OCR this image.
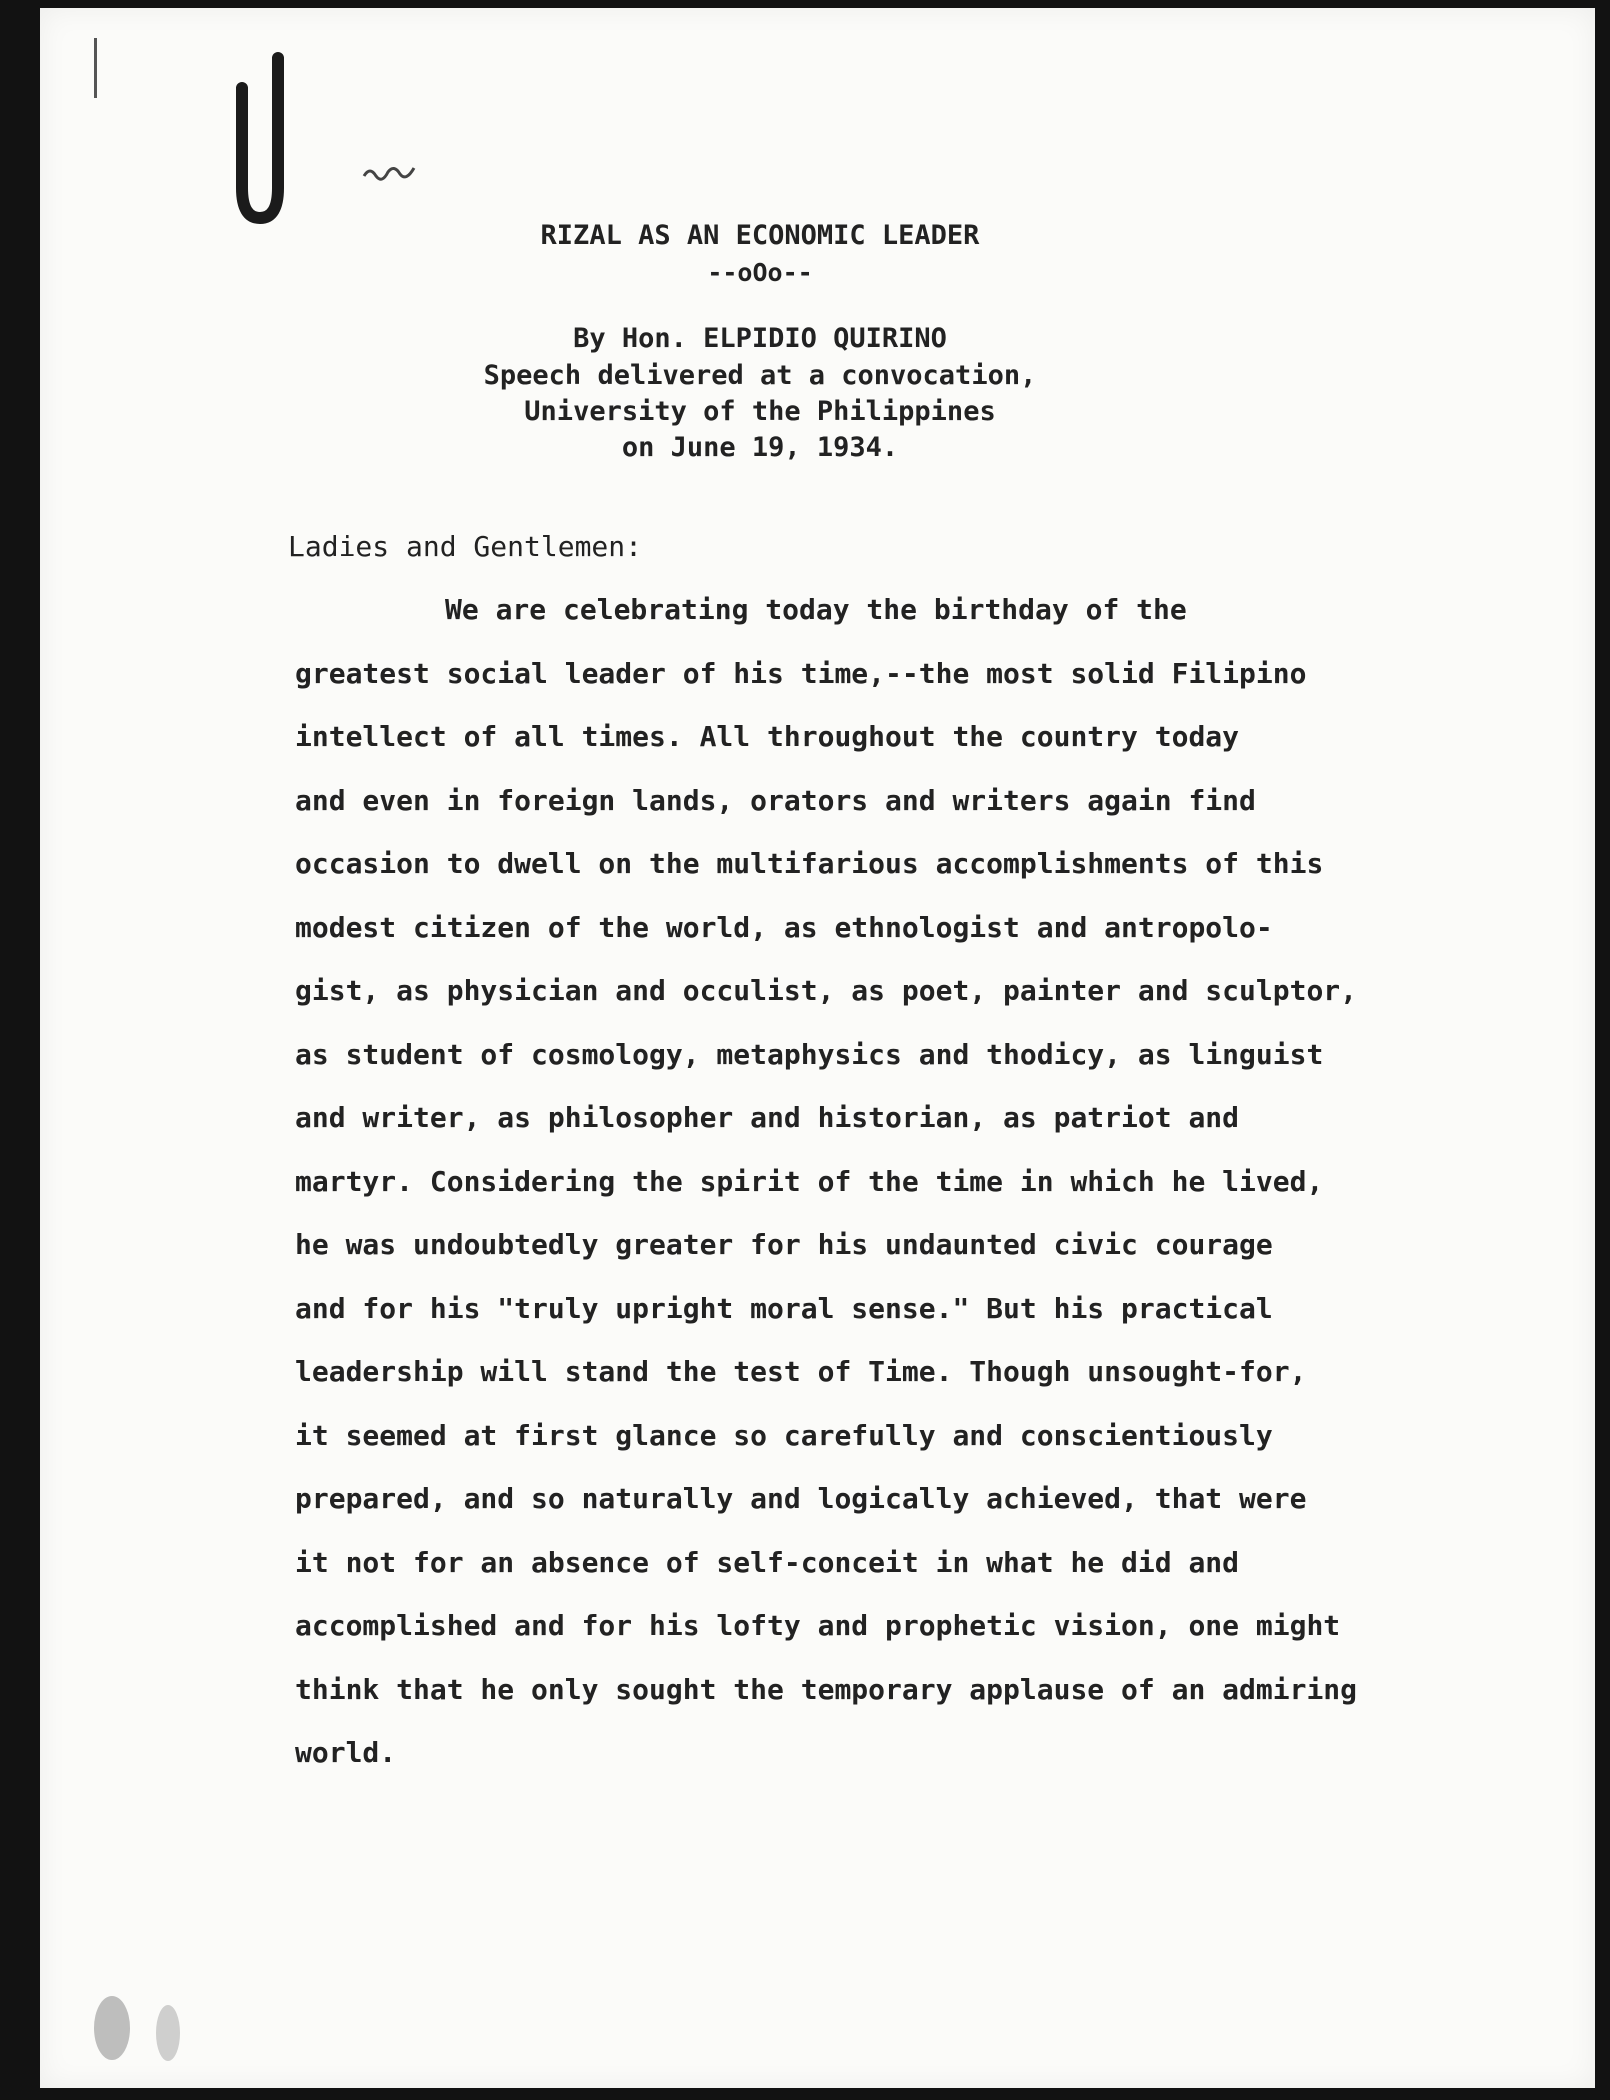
RIZAL AS AN ECONOMIC LEADER
--oOo--
By Hon. ELPIDIO QUIRINO
Speech delivered at a convocation,
University of the Philippines
on June 19, 1934.
Ladies and Gentlemen:
We are celebrating today the birthday of the
greatest social leader of his time,--the most solid Filipino
intellect of all times. All throughout the country today
and even in foreign lands, orators and writers again find
occasion to dwell on the multifarious accomplishments of this
modest citizen of the world, as ethnologist and antropolo-
gist, as physician and occulist, as poet, painter and sculptor,
as student of cosmology, metaphysics and thodicy, as linguist
and writer, as philosopher and historian, as patriot and
martyr. Considering the spirit of the time in which he lived,
he was undoubtedly greater for his undaunted civic courage
and for his "truly upright moral sense." But his practical
leadership will stand the test of Time. Though unsought-for,
it seemed at first glance so carefully and conscientiously
prepared, and so naturally and logically achieved, that were
it not for an absence of self-conceit in what he did and
accomplished and for his lofty and prophetic vision, one might
think that he only sought the temporary applause of an admiring
world.
